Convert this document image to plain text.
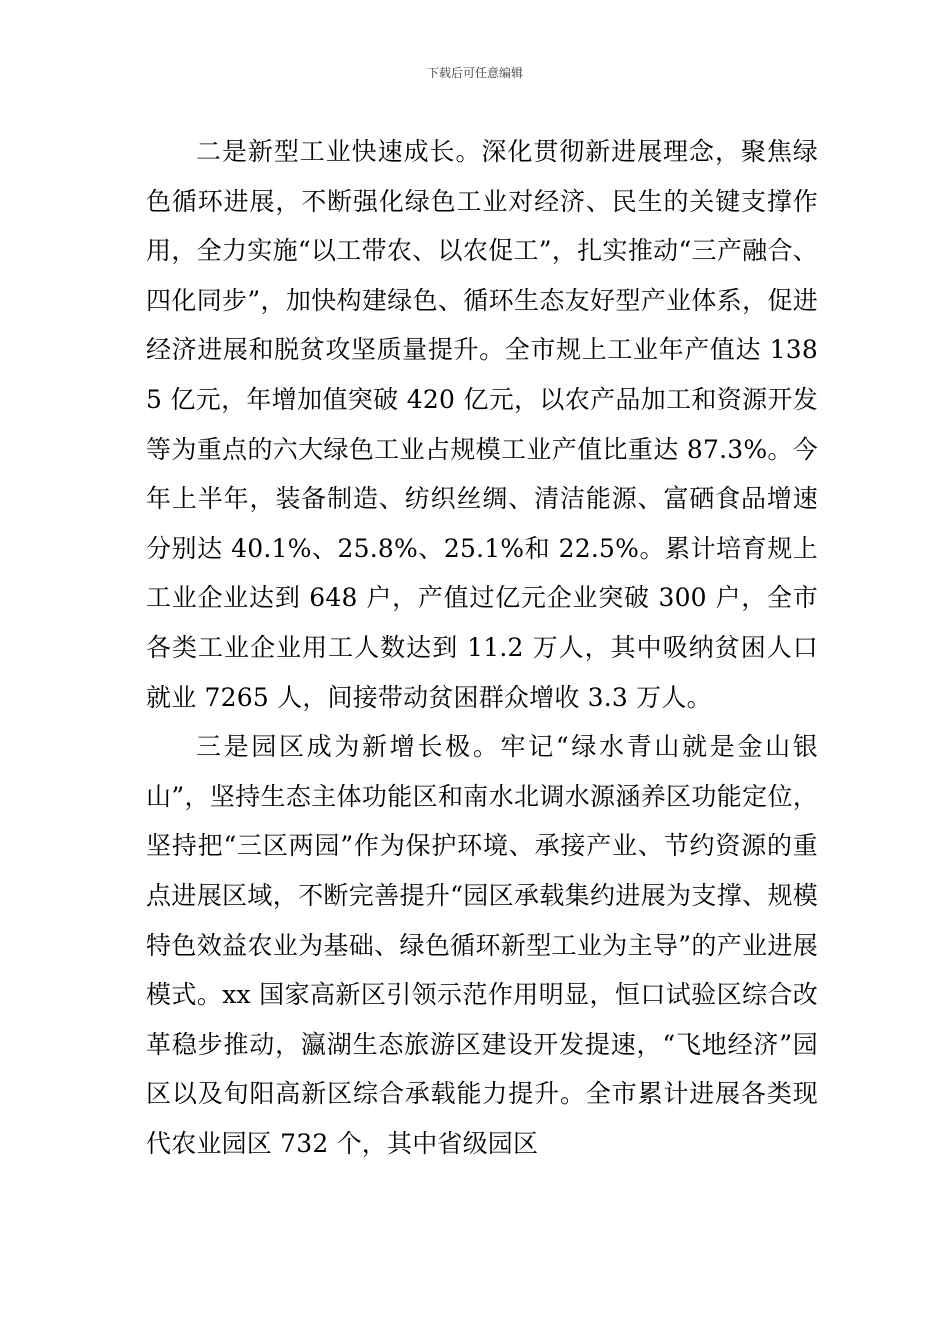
下载后可任意编辑

二是新型工业快速成长。深化贯彻新进展理念，聚焦绿色循环进展，不断强化绿色工业对经济、民生的关键支撑作用，全力实施“以工带农、以农促工”，扎实推动“三产融合、四化同步”，加快构建绿色、循环生态友好型产业体系，促进经济进展和脱贫攻坚质量提升。全市规上工业年产值达 1385 亿元，年增加值突破 420 亿元，以农产品加工和资源开发等为重点的六大绿色工业占规模工业产值比重达 87.3%。今年上半年，装备制造、纺织丝绸、清洁能源、富硒食品增速分别达 40.1%、25.8%、25.1%和 22.5%。累计培育规上工业企业达到 648 户，产值过亿元企业突破 300 户，全市各类工业企业用工人数达到 11.2 万人，其中吸纳贫困人口就业 7265 人，间接带动贫困群众增收 3.3 万人。

三是园区成为新增长极。牢记“绿水青山就是金山银山”，坚持生态主体功能区和南水北调水源涵养区功能定位，坚持把“三区两园”作为保护环境、承接产业、节约资源的重点进展区域，不断完善提升“园区承载集约进展为支撑、规模特色效益农业为基础、绿色循环新型工业为主导”的产业进展模式。xx 国家高新区引领示范作用明显，恒口试验区综合改革稳步推动，瀛湖生态旅游区建设开发提速，“飞地经济”园区以及旬阳高新区综合承载能力提升。全市累计进展各类现代农业园区 732 个，其中省级园区
